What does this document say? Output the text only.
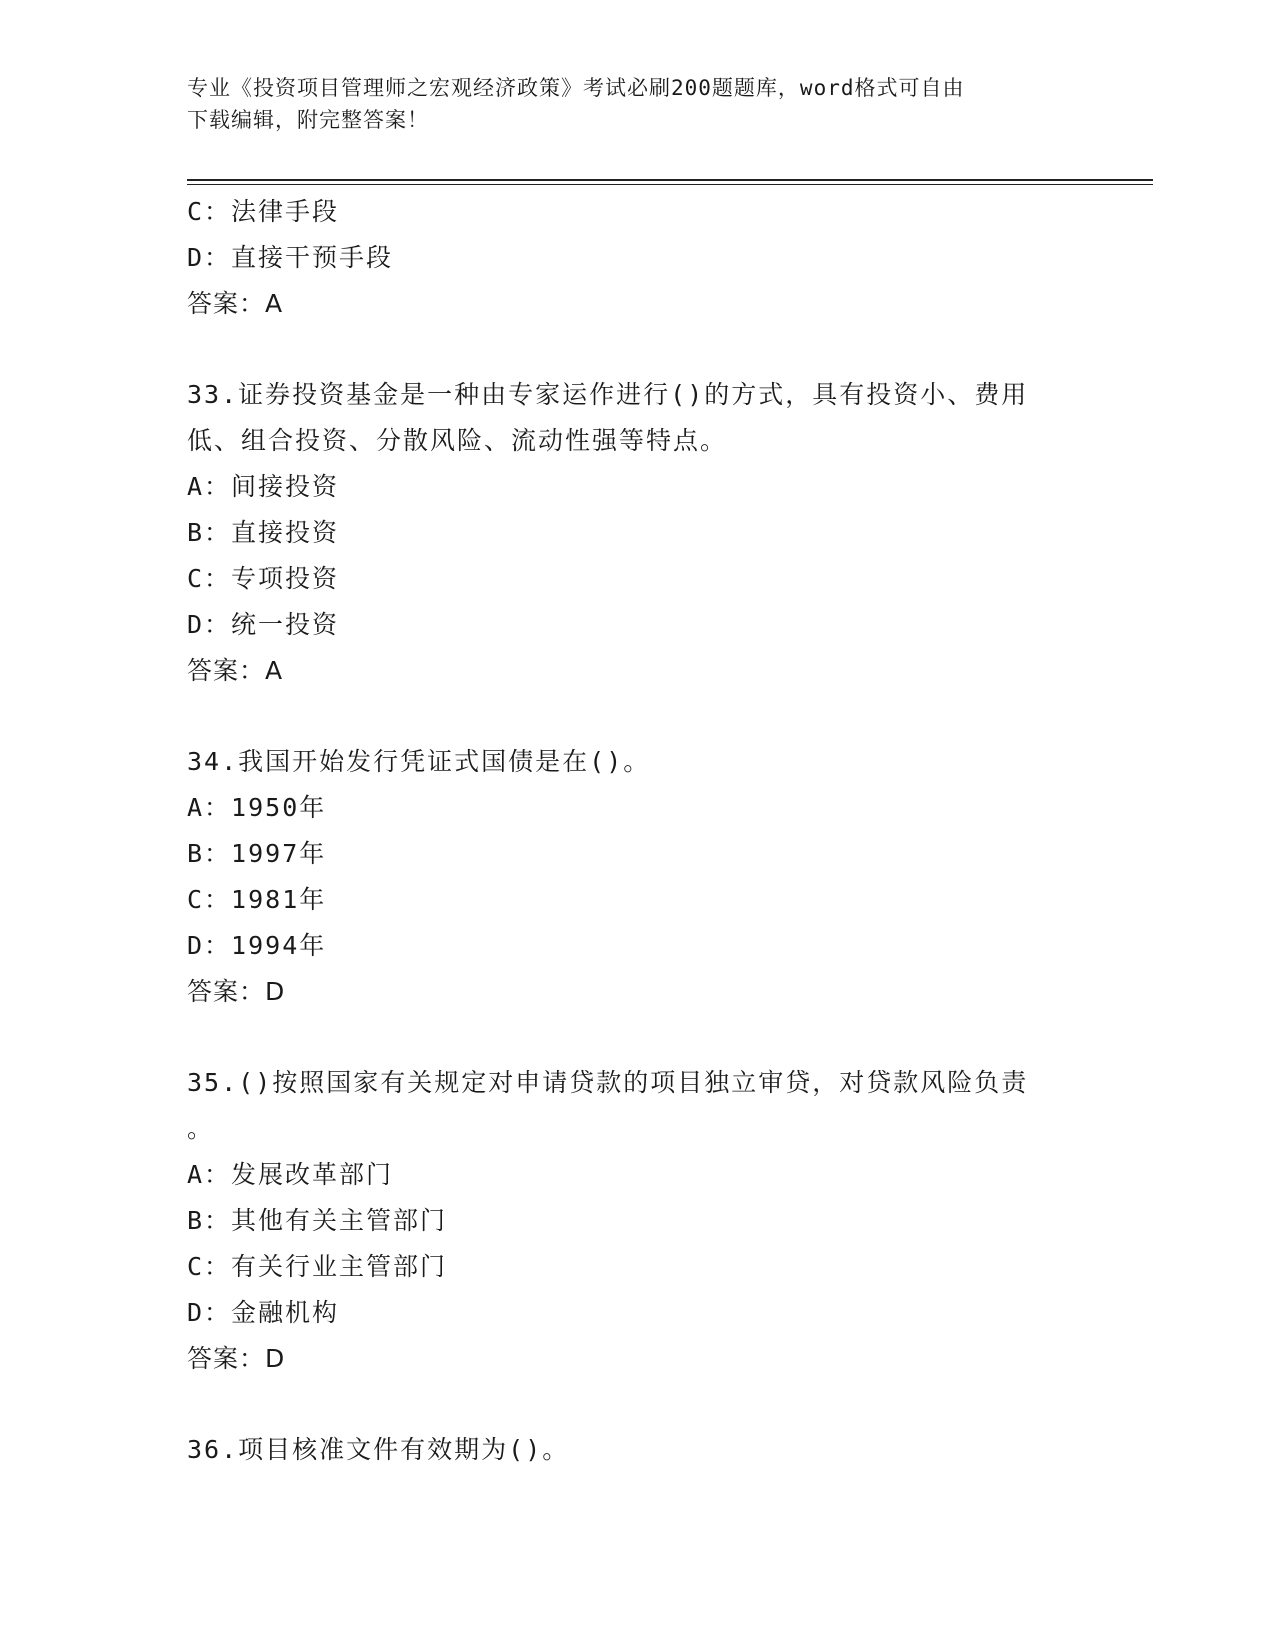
专业《投资项目管理师之宏观经济政策》考试必刷200题题库，word格式可自由
下载编辑，附完整答案！
C：法律手段
D：直接干预手段
答案：A
33.证券投资基金是一种由专家运作进行()的方式，具有投资小、费用
低、组合投资、分散风险、流动性强等特点。
A：间接投资
B：直接投资
C：专项投资
D：统一投资
答案：A
34.我国开始发行凭证式国债是在()。
A：1950年
B：1997年
C：1981年
D：1994年
答案：D
35.()按照国家有关规定对申请贷款的项目独立审贷，对贷款风险负责
。
A：发展改革部门
B：其他有关主管部门
C：有关行业主管部门
D：金融机构
答案：D
36.项目核准文件有效期为()。
